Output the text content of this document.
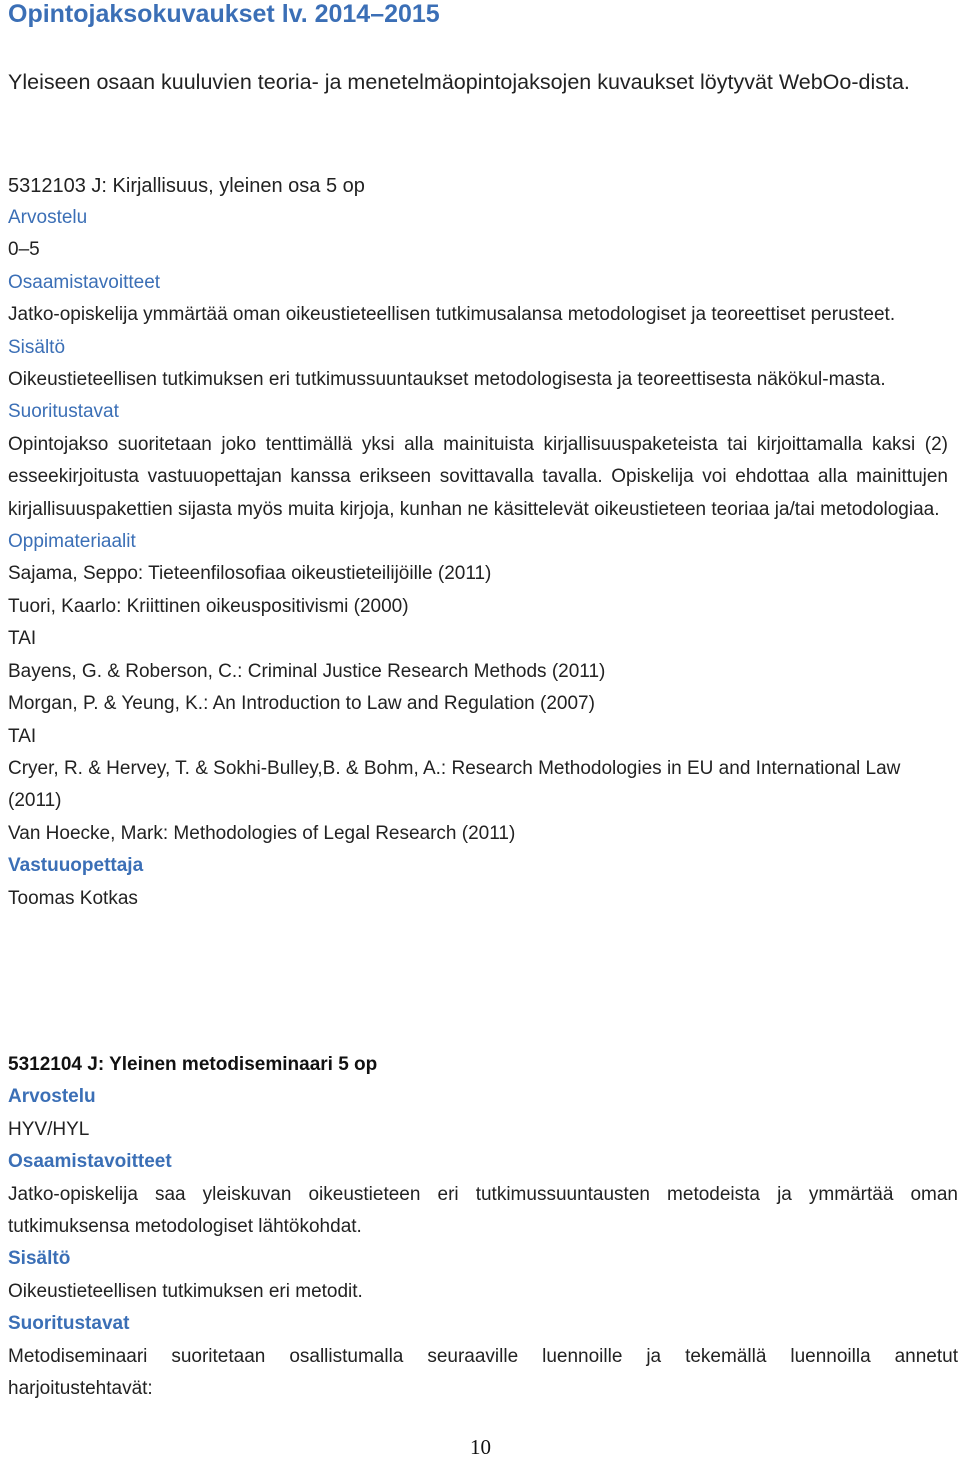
Opintojaksokuvaukset lv. 2014–2015
Yleiseen osaan kuuluvien teoria- ja menetelmäopintojaksojen kuvaukset löytyvät WebOo-dista.
5312103 J: Kirjallisuus, yleinen osa 5 op
Arvostelu
0–5
Osaamistavoitteet
Jatko-opiskelija ymmärtää oman oikeustieteellisen tutkimusalansa metodologiset ja teoreettiset perusteet.
Sisältö
Oikeustieteellisen tutkimuksen eri tutkimussuuntaukset metodologisesta ja teoreettisesta näkökul-masta.
Suoritustavat
Opintojakso suoritetaan joko tenttimällä yksi alla mainituista kirjallisuuspaketeista tai kirjoittamalla kaksi (2) esseekirjoitusta vastuuopettajan kanssa erikseen sovittavalla tavalla. Opiskelija voi ehdottaa alla mainittujen kirjallisuuspakettien sijasta myös muita kirjoja, kunhan ne käsittelevät oikeustieteen teoriaa ja/tai metodologiaa.
Oppimateriaalit
Sajama, Seppo: Tieteenfilosofiaa oikeustieteilijöille (2011)
Tuori, Kaarlo: Kriittinen oikeuspositivismi (2000)
TAI
Bayens, G. & Roberson, C.: Criminal Justice Research Methods (2011)
Morgan, P. & Yeung, K.: An Introduction to Law and Regulation (2007)
TAI
Cryer, R. & Hervey, T. & Sokhi-Bulley,B. & Bohm, A.: Research Methodologies in EU and International Law (2011)
Van Hoecke, Mark: Methodologies of Legal Research (2011)
Vastuuopettaja
Toomas Kotkas
5312104 J: Yleinen metodiseminaari 5 op
Arvostelu
HYV/HYL
Osaamistavoitteet
Jatko-opiskelija saa yleiskuvan oikeustieteen eri tutkimussuuntausten metodeista ja ymmärtää oman tutkimuksensa metodologiset lähtökohdat.
Sisältö
Oikeustieteellisen tutkimuksen eri metodit.
Suoritustavat
Metodiseminaari suoritetaan osallistumalla seuraaville luennoille ja tekemällä luennoilla annetut harjoitustehtavät:
10
